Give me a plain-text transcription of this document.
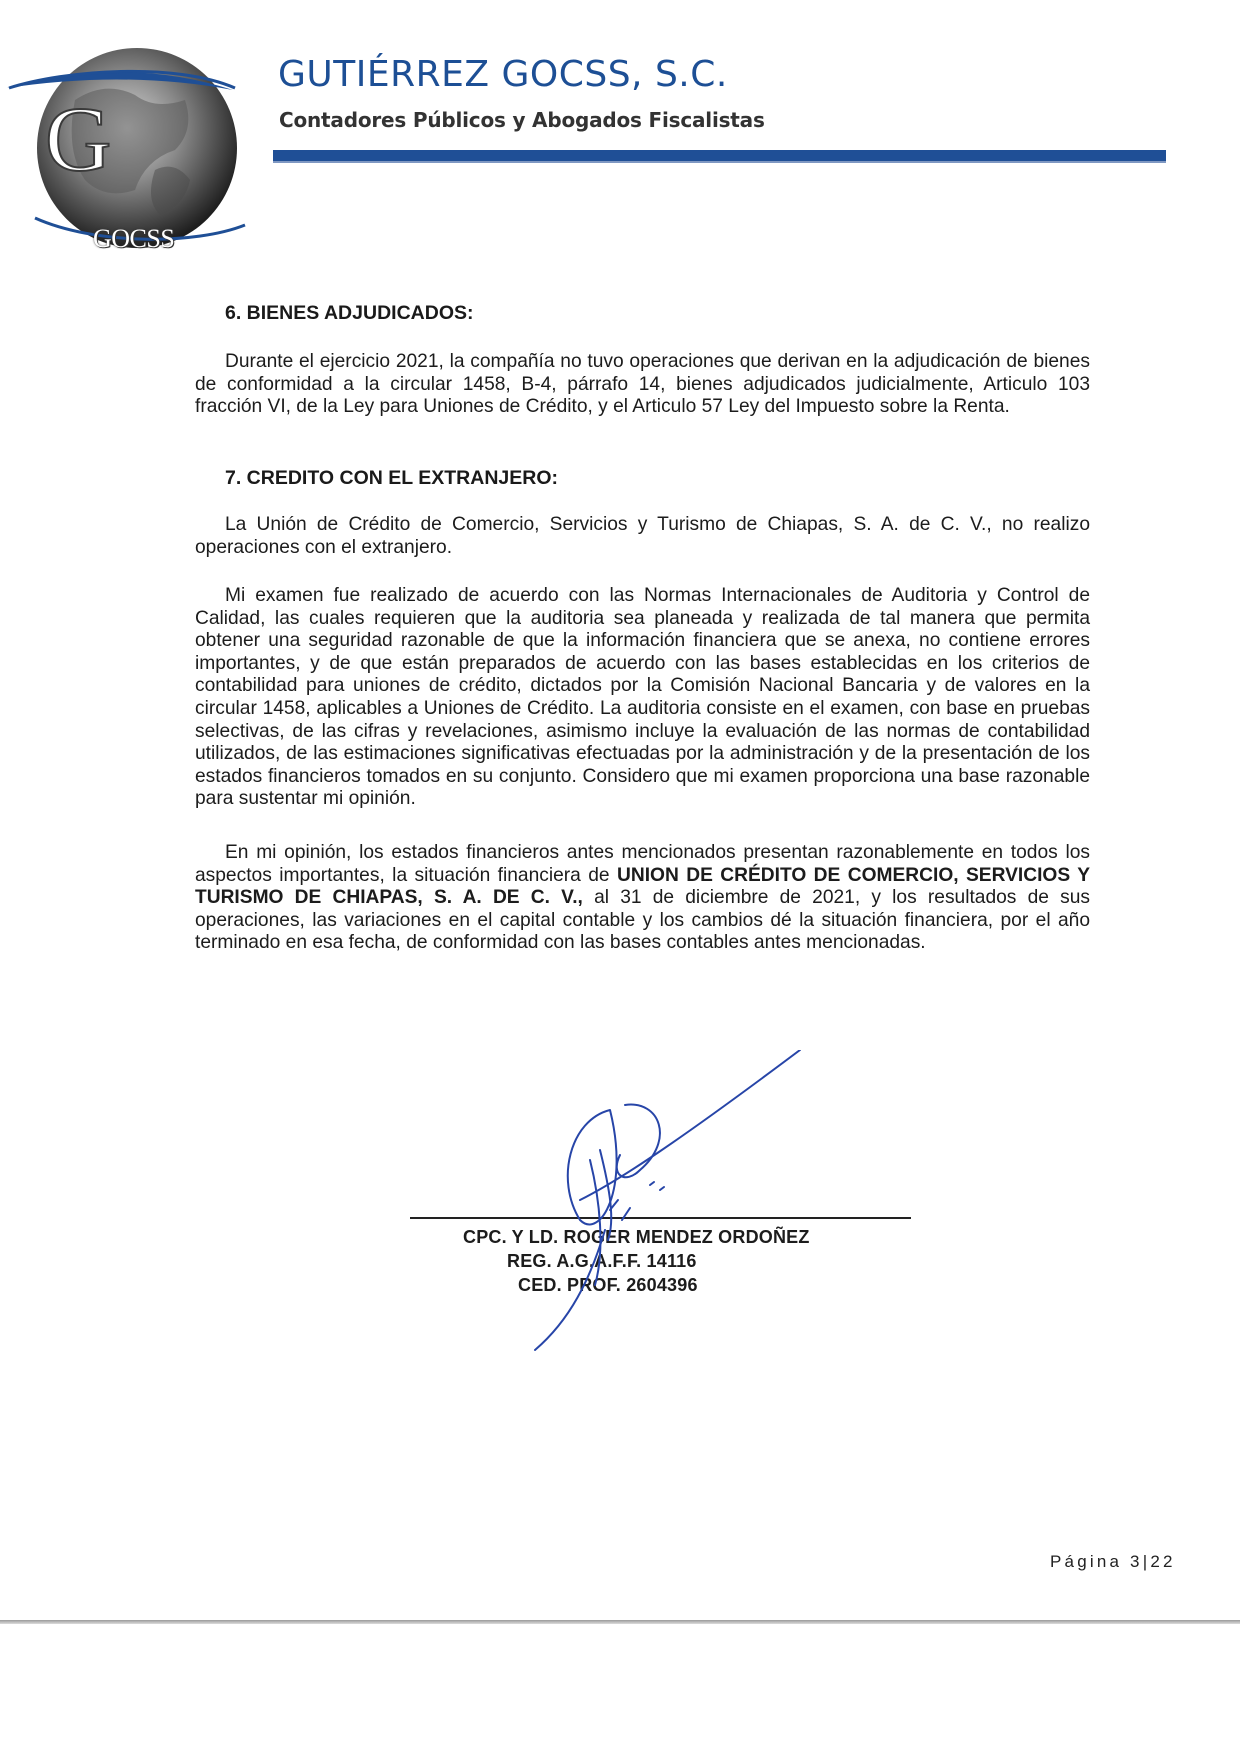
G
GOCSS
GUTIÉRREZ GOCSS, S.C.
Contadores Públicos y Abogados Fiscalistas
6. BIENES ADJUDICADOS:

Durante el ejercicio 2021, la compañía no tuvo operaciones que derivan en la adjudicación de bienes de conformidad a la circular 1458, B-4, párrafo 14, bienes adjudicados judicialmente, Articulo 103 fracción VI, de la Ley para Uniones de Crédito, y el Articulo 57 Ley del Impuesto sobre la Renta.

7. CREDITO CON EL EXTRANJERO:

La Unión de Crédito de Comercio, Servicios y Turismo de Chiapas, S. A. de C. V., no realizo operaciones con el extranjero.

Mi examen fue realizado de acuerdo con las Normas Internacionales de Auditoria y Control de Calidad, las cuales requieren que la auditoria sea planeada y realizada de tal manera que permita obtener una seguridad razonable de que la información financiera que se anexa, no contiene errores importantes, y de que están preparados de acuerdo con las bases establecidas en los criterios de contabilidad para uniones de crédito, dictados por la Comisión Nacional Bancaria y de valores en la circular 1458, aplicables a Uniones de Crédito. La auditoria consiste en el examen, con base en pruebas selectivas, de las cifras y revelaciones, asimismo incluye la evaluación de las normas de contabilidad utilizados, de las estimaciones significativas efectuadas por la administración y de la presentación de los estados financieros tomados en su conjunto. Considero que mi examen proporciona una base razonable para sustentar mi opinión.

En mi opinión, los estados financieros antes mencionados presentan razonablemente en todos los aspectos importantes, la situación financiera de UNION DE CRÉDITO DE COMERCIO, SERVICIOS Y TURISMO DE CHIAPAS, S. A. DE C. V., al 31 de diciembre de 2021, y los resultados de sus operaciones, las variaciones en el capital contable y los cambios dé la situación financiera, por el año terminado en esa fecha, de conformidad con las bases contables antes mencionadas.

CPC. Y LD. ROGER MENDEZ ORDOÑEZ
REG. A.G.A.F.F. 14116
CED. PROF. 2604396
Página 3|22
